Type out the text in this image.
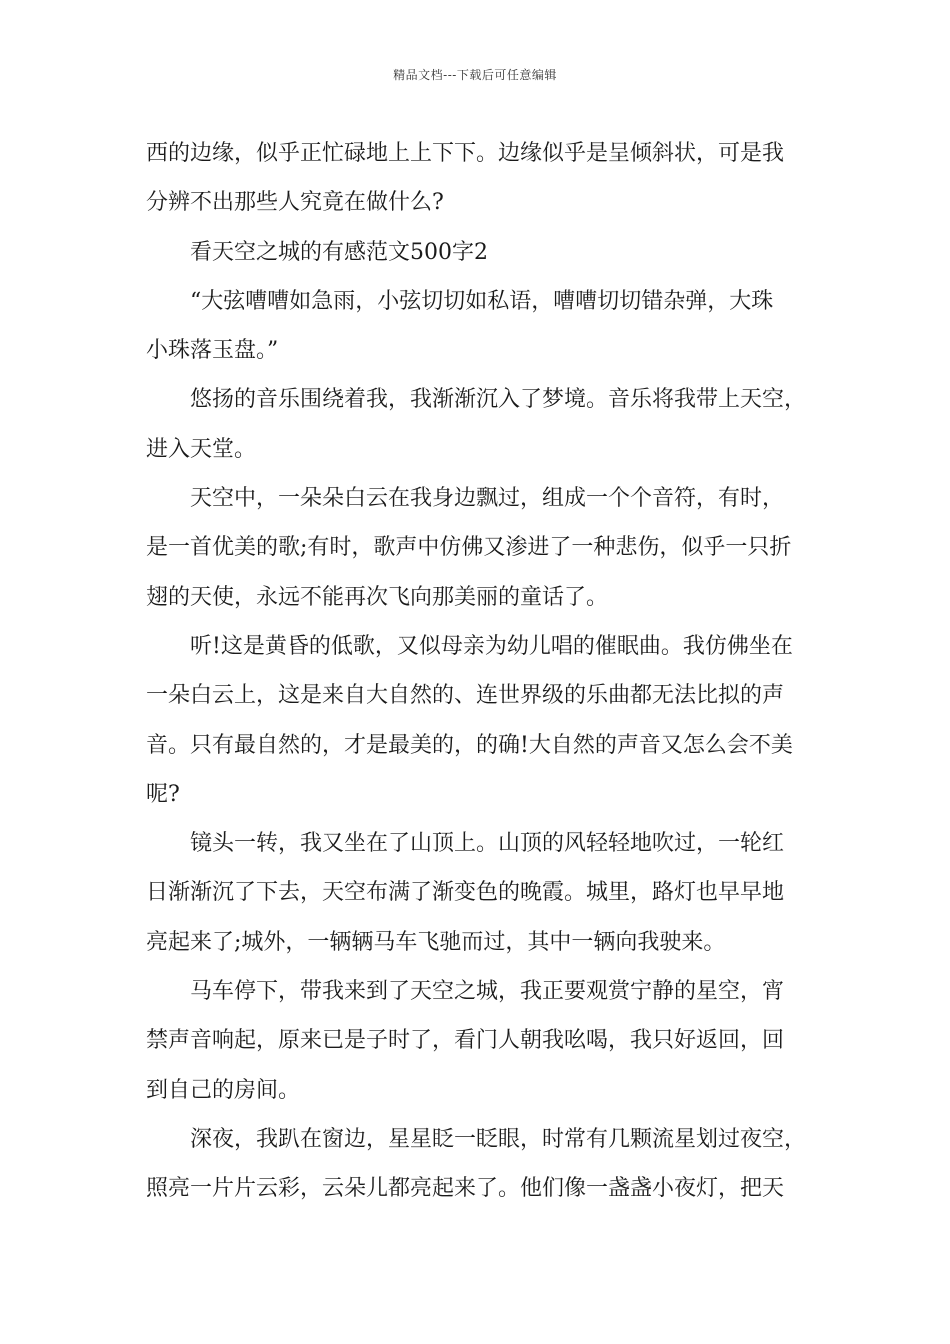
精品文档---下载后可任意编辑
西的边缘，似乎正忙碌地上上下下。边缘似乎是呈倾斜状，可是我
分辨不出那些人究竟在做什么?
看天空之城的有感范文500字2
“大弦嘈嘈如急雨，小弦切切如私语，嘈嘈切切错杂弹，大珠
小珠落玉盘。”
悠扬的音乐围绕着我，我渐渐沉入了梦境。音乐将我带上天空，
进入天堂。
天空中，一朵朵白云在我身边飘过，组成一个个音符，有时，
是一首优美的歌;有时，歌声中仿佛又渗进了一种悲伤，似乎一只折
翅的天使，永远不能再次飞向那美丽的童话了。
听!这是黄昏的低歌，又似母亲为幼儿唱的催眠曲。我仿佛坐在
一朵白云上，这是来自大自然的、连世界级的乐曲都无法比拟的声
音。只有最自然的，才是最美的，的确!大自然的声音又怎么会不美
呢?
镜头一转，我又坐在了山顶上。山顶的风轻轻地吹过，一轮红
日渐渐沉了下去，天空布满了渐变色的晚霞。城里，路灯也早早地
亮起来了;城外，一辆辆马车飞驰而过，其中一辆向我驶来。
马车停下，带我来到了天空之城，我正要观赏宁静的星空，宵
禁声音响起，原来已是子时了，看门人朝我吆喝，我只好返回，回
到自己的房间。
深夜，我趴在窗边，星星眨一眨眼，时常有几颗流星划过夜空，
照亮一片片云彩，云朵儿都亮起来了。他们像一盏盏小夜灯，把天
